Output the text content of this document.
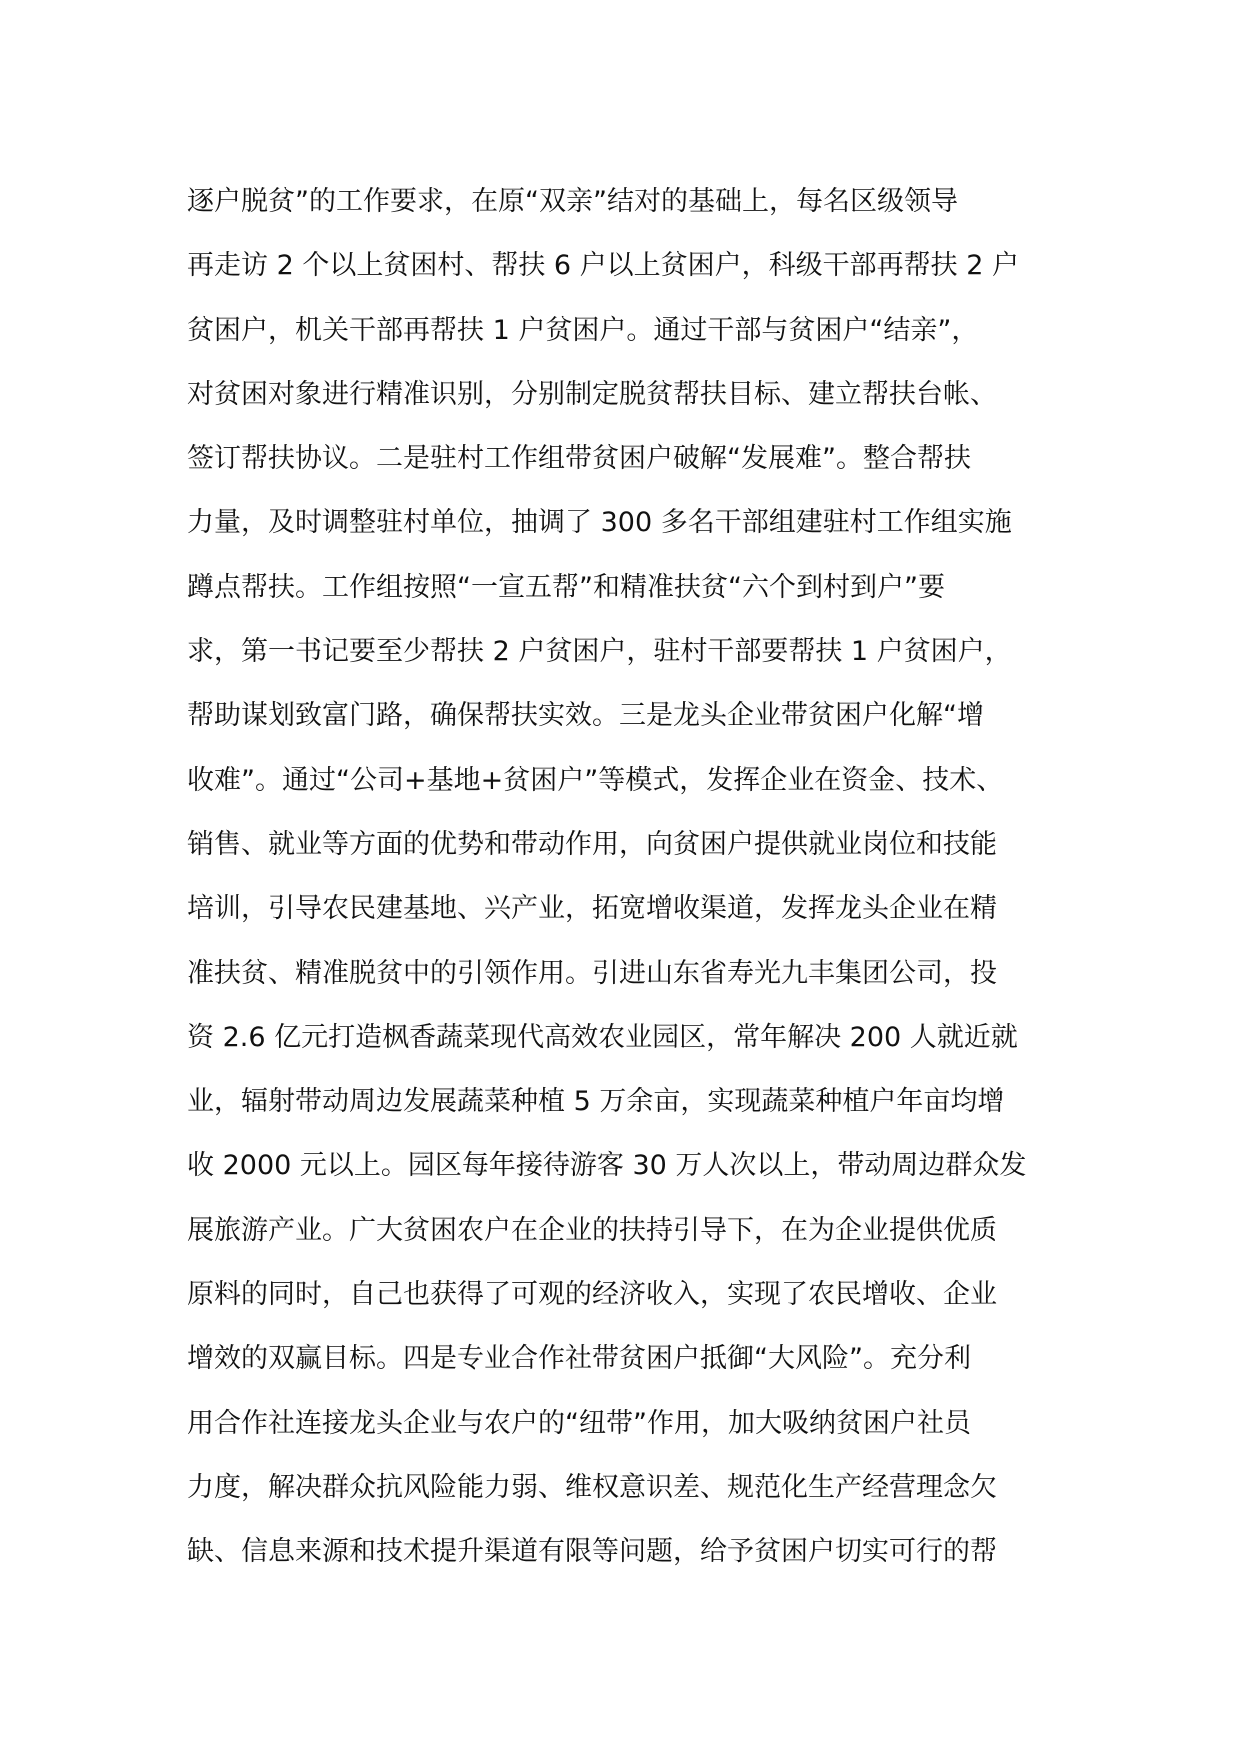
逐户脱贫”的工作要求，在原“双亲”结对的基础上，每名区级领导
再走访 2 个以上贫困村、帮扶 6 户以上贫困户，科级干部再帮扶 2 户
贫困户，机关干部再帮扶 1 户贫困户。通过干部与贫困户“结亲”，
对贫困对象进行精准识别，分别制定脱贫帮扶目标、建立帮扶台帐、
签订帮扶协议。二是驻村工作组带贫困户破解“发展难”。整合帮扶
力量，及时调整驻村单位，抽调了 300 多名干部组建驻村工作组实施
蹲点帮扶。工作组按照“一宣五帮”和精准扶贫“六个到村到户”要
求，第一书记要至少帮扶 2 户贫困户，驻村干部要帮扶 1 户贫困户，
帮助谋划致富门路，确保帮扶实效。三是龙头企业带贫困户化解“增
收难”。通过“公司+基地+贫困户”等模式，发挥企业在资金、技术、
销售、就业等方面的优势和带动作用，向贫困户提供就业岗位和技能
培训，引导农民建基地、兴产业，拓宽增收渠道，发挥龙头企业在精
准扶贫、精准脱贫中的引领作用。引进山东省寿光九丰集团公司，投
资 2.6 亿元打造枫香蔬菜现代高效农业园区，常年解决 200 人就近就
业，辐射带动周边发展蔬菜种植 5 万余亩，实现蔬菜种植户年亩均增
收 2000 元以上。园区每年接待游客 30 万人次以上，带动周边群众发
展旅游产业。广大贫困农户在企业的扶持引导下，在为企业提供优质
原料的同时，自己也获得了可观的经济收入，实现了农民增收、企业
增效的双赢目标。四是专业合作社带贫困户抵御“大风险”。充分利
用合作社连接龙头企业与农户的“纽带”作用，加大吸纳贫困户社员
力度，解决群众抗风险能力弱、维权意识差、规范化生产经营理念欠
缺、信息来源和技术提升渠道有限等问题，给予贫困户切实可行的帮
